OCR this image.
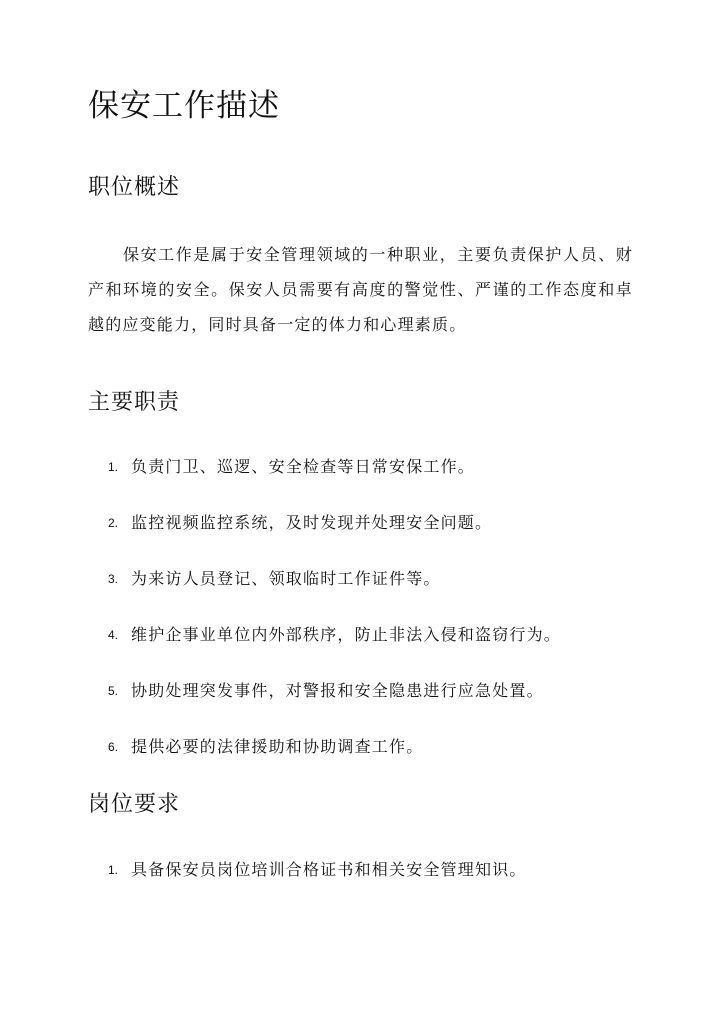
保安工作描述
职位概述

保安工作是属于安全管理领域的一种职业，主要负责保护人员、财产和环境的安全。保安人员需要有高度的警觉性、严谨的工作态度和卓越的应变能力，同时具备一定的体力和心理素质。

主要职责
1. 负责门卫、巡逻、安全检查等日常安保工作。
2. 监控视频监控系统，及时发现并处理安全问题。
3. 为来访人员登记、领取临时工作证件等。
4. 维护企事业单位内外部秩序，防止非法入侵和盗窃行为。
5. 协助处理突发事件，对警报和安全隐患进行应急处置。
6. 提供必要的法律援助和协助调查工作。
岗位要求
1. 具备保安员岗位培训合格证书和相关安全管理知识。
